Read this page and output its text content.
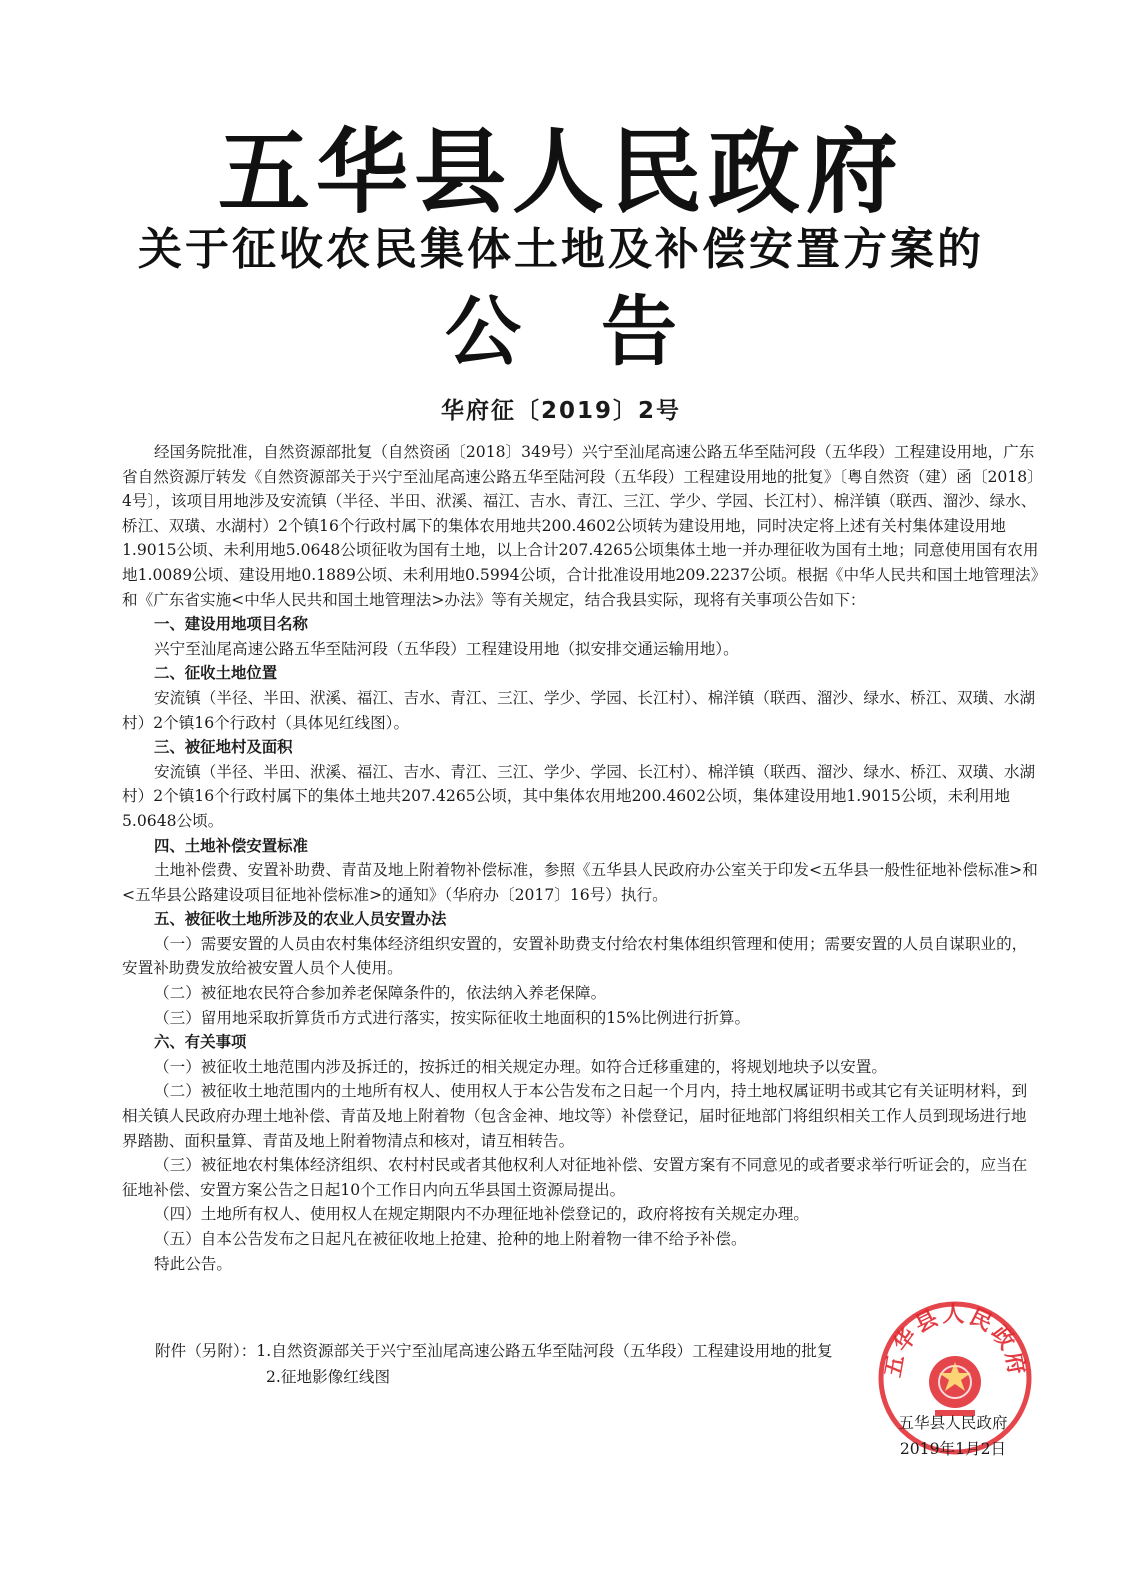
五华县人民政府
关于征收农民集体土地及补偿安置方案的
公告
华府征〔2019〕2号

经国务院批准，自然资源部批复（自然资函〔2018〕349号）兴宁至汕尾高速公路五华至陆河段（五华段）工程建设用地，广东省自然资源厅转发《自然资源部关于兴宁至汕尾高速公路五华至陆河段（五华段）工程建设用地的批复》〔粤自然资（建）函〔2018〕4号〕，该项目用地涉及安流镇（半径、半田、洑溪、福江、吉水、青江、三江、学少、学园、长江村）、棉洋镇（联西、溜沙、绿水、桥江、双璜、水湖村）2个镇16个行政村属下的集体农用地共200.4602公顷转为建设用地，同时决定将上述有关村集体建设用地1.9015公顷、未利用地5.0648公顷征收为国有土地，以上合计207.4265公顷集体土地一并办理征收为国有土地；同意使用国有农用地1.0089公顷、建设用地0.1889公顷、未利用地0.5994公顷，合计批准设用地209.2237公顷。根据《中华人民共和国土地管理法》和《广东省实施<中华人民共和国土地管理法>办法》等有关规定，结合我县实际，现将有关事项公告如下：

一、建设用地项目名称

兴宁至汕尾高速公路五华至陆河段（五华段）工程建设用地（拟安排交通运输用地）。

二、征收土地位置

安流镇（半径、半田、洑溪、福江、吉水、青江、三江、学少、学园、长江村）、棉洋镇（联西、溜沙、绿水、桥江、双璜、水湖村）2个镇16个行政村（具体见红线图）。

三、被征地村及面积

安流镇（半径、半田、洑溪、福江、吉水、青江、三江、学少、学园、长江村）、棉洋镇（联西、溜沙、绿水、桥江、双璜、水湖村）2个镇16个行政村属下的集体土地共207.4265公顷，其中集体农用地200.4602公顷，集体建设用地1.9015公顷，未利用地5.0648公顷。

四、土地补偿安置标准

土地补偿费、安置补助费、青苗及地上附着物补偿标准，参照《五华县人民政府办公室关于印发<五华县一般性征地补偿标准>和<五华县公路建设项目征地补偿标准>的通知》（华府办〔2017〕16号）执行。

五、被征收土地所涉及的农业人员安置办法

（一）需要安置的人员由农村集体经济组织安置的，安置补助费支付给农村集体组织管理和使用；需要安置的人员自谋职业的，安置补助费发放给被安置人员个人使用。

（二）被征地农民符合参加养老保障条件的，依法纳入养老保障。

（三）留用地采取折算货币方式进行落实，按实际征收土地面积的15%比例进行折算。

六、有关事项

（一）被征收土地范围内涉及拆迁的，按拆迁的相关规定办理。如符合迁移重建的，将规划地块予以安置。

（二）被征收土地范围内的土地所有权人、使用权人于本公告发布之日起一个月内，持土地权属证明书或其它有关证明材料，到相关镇人民政府办理土地补偿、青苗及地上附着物（包含金神、地坟等）补偿登记，届时征地部门将组织相关工作人员到现场进行地界踏勘、面积量算、青苗及地上附着物清点和核对，请互相转告。

（三）被征地农村集体经济组织、农村村民或者其他权利人对征地补偿、安置方案有不同意见的或者要求举行听证会的，应当在征地补偿、安置方案公告之日起10个工作日内向五华县国土资源局提出。

（四）土地所有权人、使用权人在规定期限内不办理征地补偿登记的，政府将按有关规定办理。

（五）自本公告发布之日起凡在被征收地上抢建、抢种的地上附着物一律不给予补偿。

特此公告。

附件（另附）：1.自然资源部关于兴宁至汕尾高速公路五华至陆河段（五华段）工程建设用地的批复
2.征地影像红线图	五华县人民政府
五华县人民政府
2019年1月2日
